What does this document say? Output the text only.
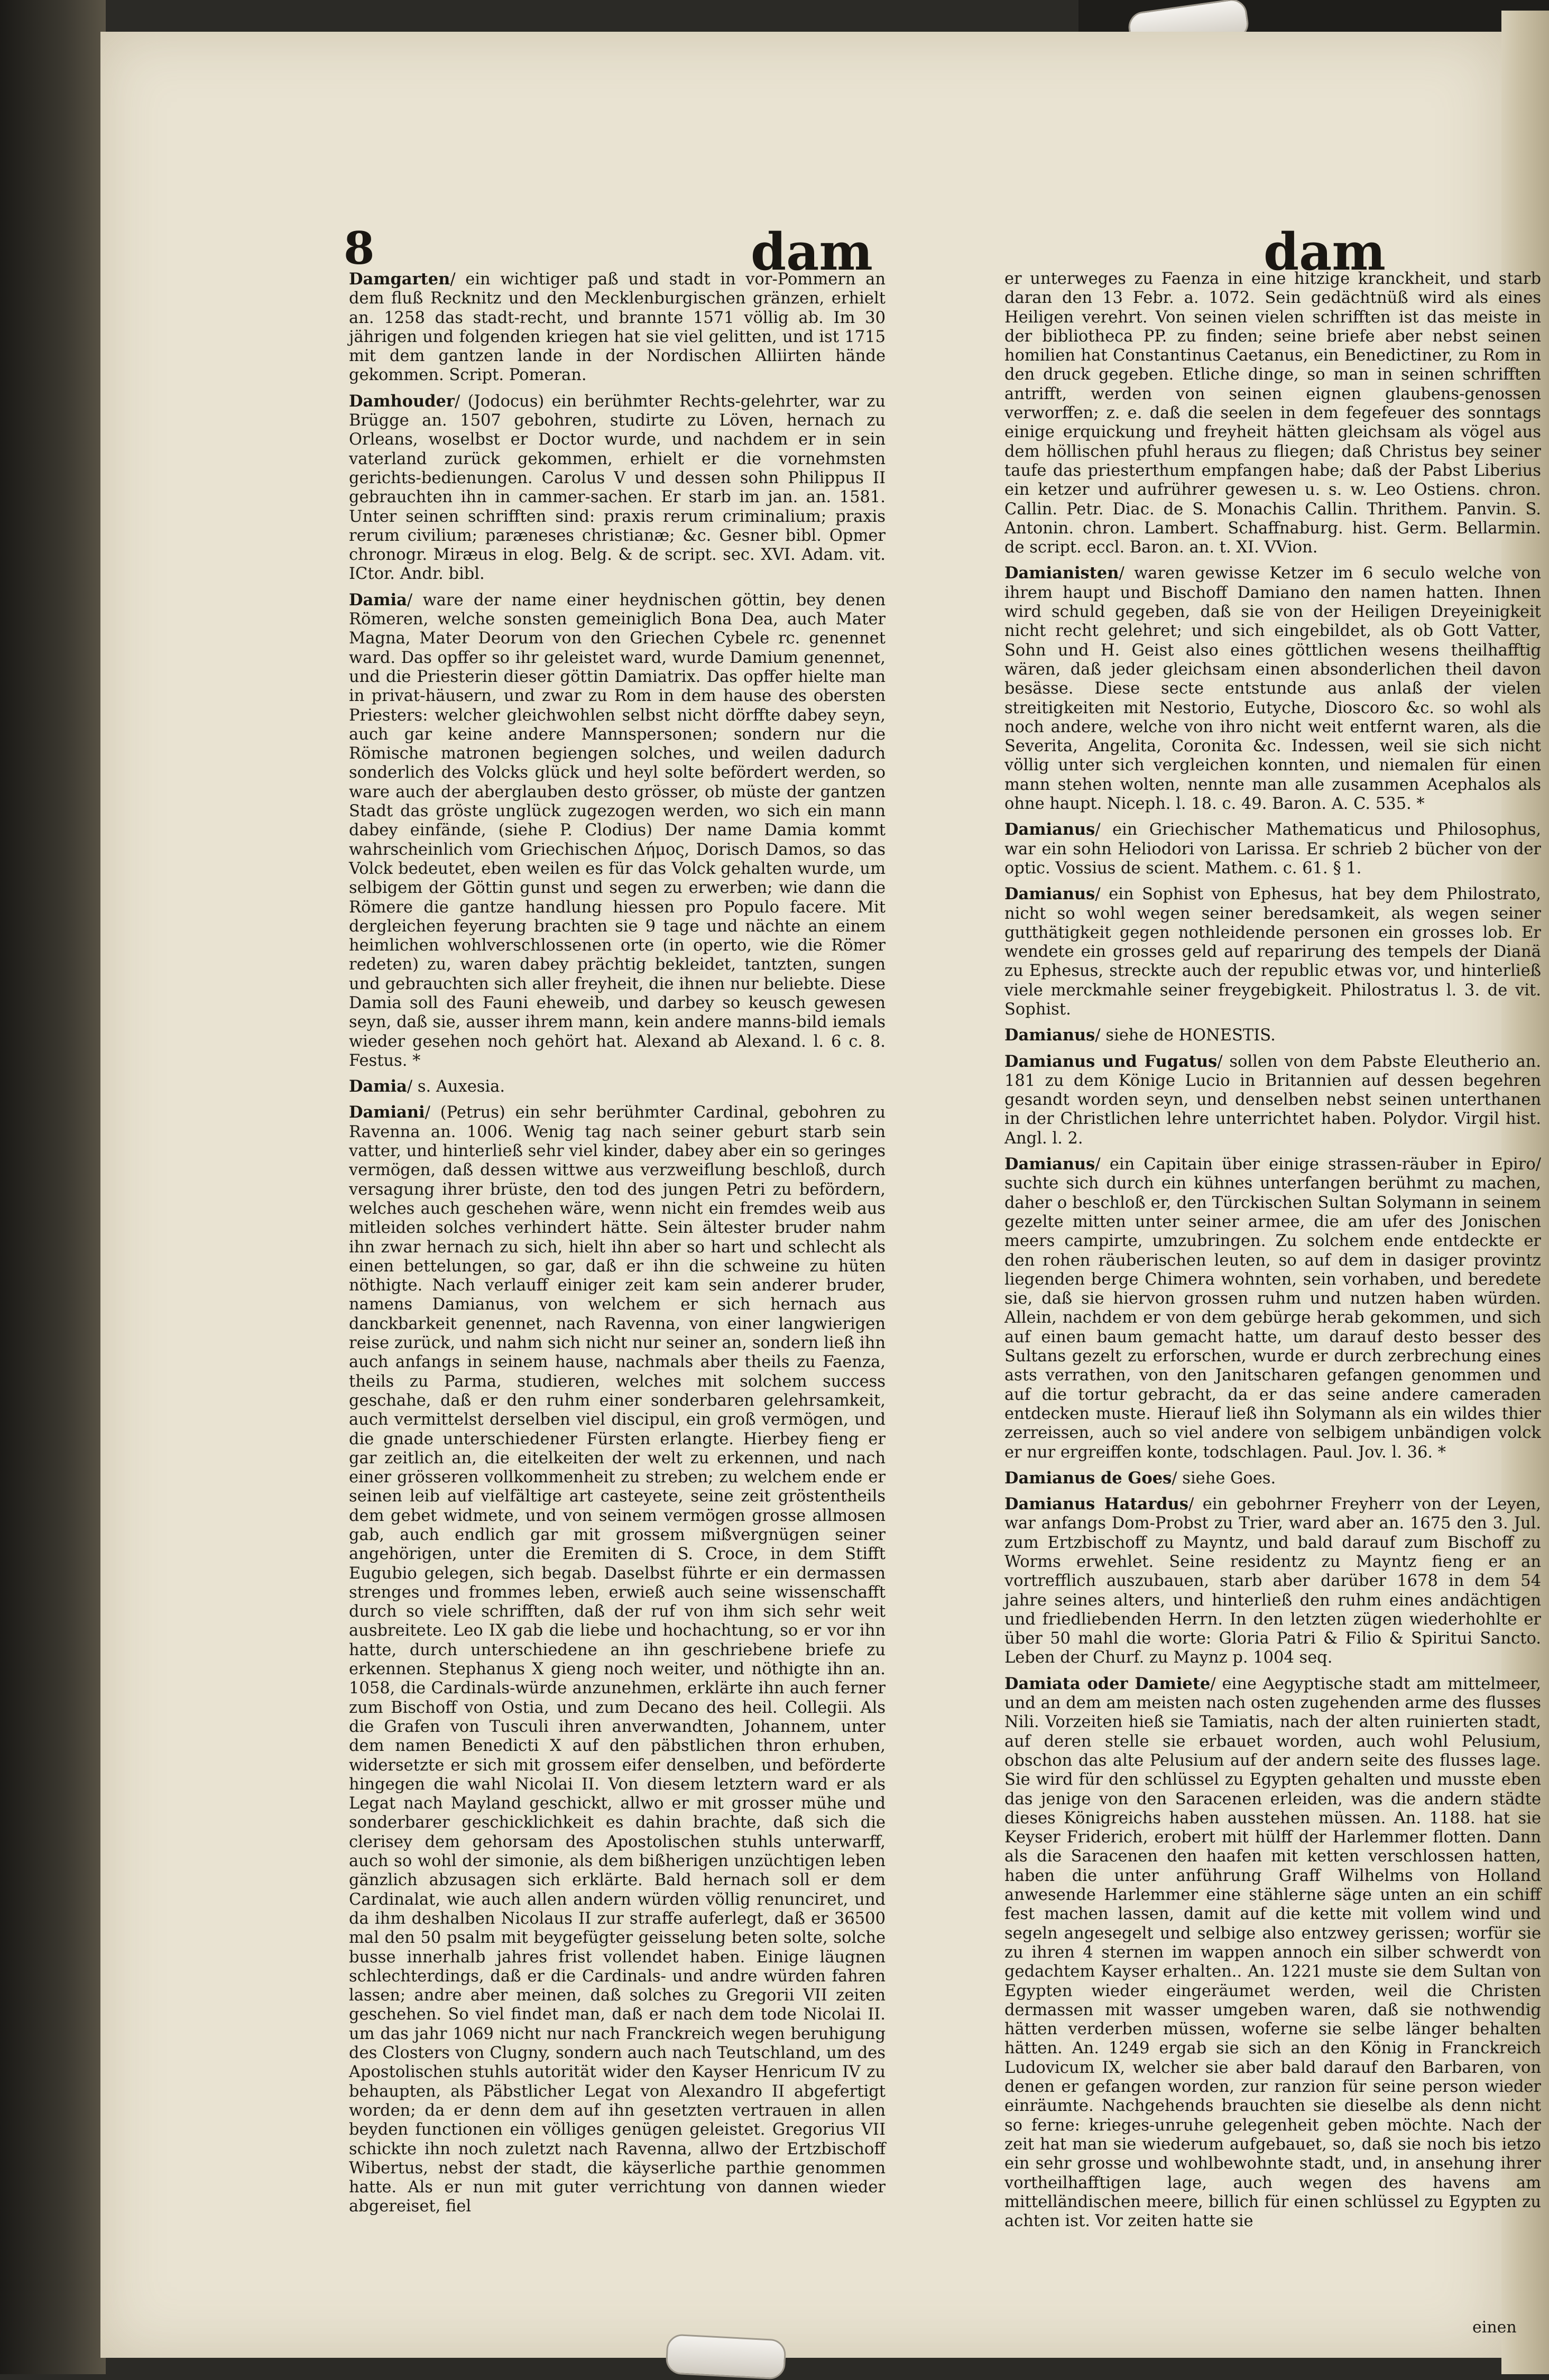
8	dam	dam

Damgarten/ ein wichtiger paß und stadt in vor-Pommern an dem fluß Recknitz und den Mecklenburgischen gränzen, erhielt an. 1258 das stadt-recht, und brannte 1571 völlig ab. Im 30 jährigen und folgenden kriegen hat sie viel gelitten, und ist 1715 mit dem gantzen lande in der Nordischen Alliirten hände gekommen. Script. Pomeran.

Damhouder/ (Jodocus) ein berühmter Rechts-gelehrter, war zu Brügge an. 1507 gebohren, studirte zu Löven, hernach zu Orleans, woselbst er Doctor wurde, und nachdem er in sein vaterland zurück gekommen, erhielt er die vornehmsten gerichts-bedienungen. Carolus V und dessen sohn Philippus II gebrauchten ihn in cammer-sachen. Er starb im jan. an. 1581. Unter seinen schrifften sind: praxis rerum criminalium; praxis rerum civilium; paræneses christianæ; &c. Gesner bibl. Opmer chronogr. Miræus in elog. Belg. & de script. sec. XVI. Adam. vit. ICtor. Andr. bibl.

Damia/ ware der name einer heydnischen göttin, bey denen Römeren, welche sonsten gemeiniglich Bona Dea, auch Mater Magna, Mater Deorum von den Griechen Cybele rc. genennet ward. Das opffer so ihr geleistet ward, wurde Damium genennet, und die Priesterin dieser göttin Damiatrix. Das opffer hielte man in privat-häusern, und zwar zu Rom in dem hause des obersten Priesters: welcher gleichwohlen selbst nicht dörffte dabey seyn, auch gar keine andere Mannspersonen; sondern nur die Römische matronen begiengen solches, und weilen dadurch sonderlich des Volcks glück und heyl solte befördert werden, so ware auch der aberglauben desto grösser, ob müste der gantzen Stadt das gröste unglück zugezogen werden, wo sich ein mann dabey einfände, (siehe P. Clodius) Der name Damia kommt wahrscheinlich vom Griechischen Δήμος, Dorisch Damos, so das Volck bedeutet, eben weilen es für das Volck gehalten wurde, um selbigem der Göttin gunst und segen zu erwerben; wie dann die Römere die gantze handlung hiessen pro Populo facere. Mit dergleichen feyerung brachten sie 9 tage und nächte an einem heimlichen wohlverschlossenen orte (in operto, wie die Römer redeten) zu, waren dabey prächtig bekleidet, tantzten, sungen und gebrauchten sich aller freyheit, die ihnen nur beliebte. Diese Damia soll des Fauni eheweib, und darbey so keusch gewesen seyn, daß sie, ausser ihrem mann, kein andere manns-bild iemals wieder gesehen noch gehört hat. Alexand ab Alexand. l. 6 c. 8. Festus. *

Damia/ s. Auxesia.

Damiani/ (Petrus) ein sehr berühmter Cardinal, gebohren zu Ravenna an. 1006. Wenig tag nach seiner geburt starb sein vatter, und hinterließ sehr viel kinder, dabey aber ein so geringes vermögen, daß dessen wittwe aus verzweiflung beschloß, durch versagung ihrer brüste, den tod des jungen Petri zu befördern, welches auch geschehen wäre, wenn nicht ein fremdes weib aus mitleiden solches verhindert hätte. Sein ältester bruder nahm ihn zwar hernach zu sich, hielt ihn aber so hart und schlecht als einen bettelungen, so gar, daß er ihn die schweine zu hüten nöthigte. Nach verlauff einiger zeit kam sein anderer bruder, namens Damianus, von welchem er sich hernach aus danckbarkeit genennet, nach Ravenna, von einer langwierigen reise zurück, und nahm sich nicht nur seiner an, sondern ließ ihn auch anfangs in seinem hause, nachmals aber theils zu Faenza, theils zu Parma, studieren, welches mit solchem success geschahe, daß er den ruhm einer sonderbaren gelehrsamkeit, auch vermittelst derselben viel discipul, ein groß vermögen, und die gnade unterschiedener Fürsten erlangte. Hierbey fieng er gar zeitlich an, die eitelkeiten der welt zu erkennen, und nach einer grösseren vollkommenheit zu streben; zu welchem ende er seinen leib auf vielfältige art casteyete, seine zeit gröstentheils dem gebet widmete, und von seinem vermögen grosse allmosen gab, auch endlich gar mit grossem mißvergnügen seiner angehörigen, unter die Eremiten di S. Croce, in dem Stifft Eugubio gelegen, sich begab. Daselbst führte er ein dermassen strenges und frommes leben, erwieß auch seine wissenschafft durch so viele schrifften, daß der ruf von ihm sich sehr weit ausbreitete. Leo IX gab die liebe und hochachtung, so er vor ihn hatte, durch unterschiedene an ihn geschriebene briefe zu erkennen. Stephanus X gieng noch weiter, und nöthigte ihn an. 1058, die Cardinals-würde anzunehmen, erklärte ihn auch ferner zum Bischoff von Ostia, und zum Decano des heil. Collegii. Als die Grafen von Tusculi ihren anverwandten, Johannem, unter dem namen Benedicti X auf den päbstlichen thron erhuben, widersetzte er sich mit grossem eifer denselben, und beförderte hingegen die wahl Nicolai II. Von diesem letztern ward er als Legat nach Mayland geschickt, allwo er mit grosser mühe und sonderbarer geschicklichkeit es dahin brachte, daß sich die clerisey dem gehorsam des Apostolischen stuhls unterwarff, auch so wohl der simonie, als dem bißherigen unzüchtigen leben gänzlich abzusagen sich erklärte. Bald hernach soll er dem Cardinalat, wie auch allen andern würden völlig renunciret, und da ihm deshalben Nicolaus II zur straffe auferlegt, daß er 36500 mal den 50 psalm mit beygefügter geisselung beten solte, solche busse innerhalb jahres frist vollendet haben. Einige läugnen schlechterdings, daß er die Cardinals- und andre würden fahren lassen; andre aber meinen, daß solches zu Gregorii VII zeiten geschehen. So viel findet man, daß er nach dem tode Nicolai II. um das jahr 1069 nicht nur nach Franckreich wegen beruhigung des Closters von Clugny, sondern auch nach Teutschland, um des Apostolischen stuhls autorität wider den Kayser Henricum IV zu behaupten, als Päbstlicher Legat von Alexandro II abgefertigt worden; da er denn dem auf ihn gesetzten vertrauen in allen beyden functionen ein völliges genügen geleistet. Gregorius VII schickte ihn noch zuletzt nach Ravenna, allwo der Ertzbischoff Wibertus, nebst der stadt, die käyserliche parthie genommen hatte. Als er nun mit guter verrichtung von dannen wieder abgereiset, fiel

er unterweges zu Faenza in eine hitzige kranckheit, und starb daran den 13 Febr. a. 1072. Sein gedächtnüß wird als eines Heiligen verehrt. Von seinen vielen schrifften ist das meiste in der bibliotheca PP. zu finden; seine briefe aber nebst seinen homilien hat Constantinus Caetanus, ein Benedictiner, zu Rom in den druck gegeben. Etliche dinge, so man in seinen schrifften antrifft, werden von seinen eignen glaubens-genossen verworffen; z. e. daß die seelen in dem fegefeuer des sonntags einige erquickung und freyheit hätten gleichsam als vögel aus dem höllischen pfuhl heraus zu fliegen; daß Christus bey seiner taufe das priesterthum empfangen habe; daß der Pabst Liberius ein ketzer und aufrührer gewesen u. s. w. Leo Ostiens. chron. Callin. Petr. Diac. de S. Monachis Callin. Thrithem. Panvin. S. Antonin. chron. Lambert. Schaffnaburg. hist. Germ. Bellarmin. de script. eccl. Baron. an. t. XI. VVion.

Damianisten/ waren gewisse Ketzer im 6 seculo welche von ihrem haupt und Bischoff Damiano den namen hatten. Ihnen wird schuld gegeben, daß sie von der Heiligen Dreyeinigkeit nicht recht gelehret; und sich eingebildet, als ob Gott Vatter, Sohn und H. Geist also eines göttlichen wesens theilhafftig wären, daß jeder gleichsam einen absonderlichen theil davon besässe. Diese secte entstunde aus anlaß der vielen streitigkeiten mit Nestorio, Eutyche, Dioscoro &c. so wohl als noch andere, welche von ihro nicht weit entfernt waren, als die Severita, Angelita, Coronita &c. Indessen, weil sie sich nicht völlig unter sich vergleichen konnten, und niemalen für einen mann stehen wolten, nennte man alle zusammen Acephalos als ohne haupt. Niceph. l. 18. c. 49. Baron. A. C. 535. *

Damianus/ ein Griechischer Mathematicus und Philosophus, war ein sohn Heliodori von Larissa. Er schrieb 2 bücher von der optic. Vossius de scient. Mathem. c. 61. § 1.

Damianus/ ein Sophist von Ephesus, hat bey dem Philostrato, nicht so wohl wegen seiner beredsamkeit, als wegen seiner gutthätigkeit gegen nothleidende personen ein grosses lob. Er wendete ein grosses geld auf reparirung des tempels der Dianä zu Ephesus, streckte auch der republic etwas vor, und hinterließ viele merckmahle seiner freygebigkeit. Philostratus l. 3. de vit. Sophist.

Damianus/ siehe de HONESTIS.

Damianus und Fugatus/ sollen von dem Pabste Eleutherio an. 181 zu dem Könige Lucio in Britannien auf dessen begehren gesandt worden seyn, und denselben nebst seinen unterthanen in der Christlichen lehre unterrichtet haben. Polydor. Virgil hist. Angl. l. 2.

Damianus/ ein Capitain über einige strassen-räuber in Epiro/ suchte sich durch ein kühnes unterfangen berühmt zu machen, daher o beschloß er, den Türckischen Sultan Solymann in seinem gezelte mitten unter seiner armee, die am ufer des Jonischen meers campirte, umzubringen. Zu solchem ende entdeckte er den rohen räuberischen leuten, so auf dem in dasiger provintz liegenden berge Chimera wohnten, sein vorhaben, und beredete sie, daß sie hiervon grossen ruhm und nutzen haben würden. Allein, nachdem er von dem gebürge herab gekommen, und sich auf einen baum gemacht hatte, um darauf desto besser des Sultans gezelt zu erforschen, wurde er durch zerbrechung eines asts verrathen, von den Janitscharen gefangen genommen und auf die tortur gebracht, da er das seine andere cameraden entdecken muste. Hierauf ließ ihn Solymann als ein wildes thier zerreissen, auch so viel andere von selbigem unbändigen volck er nur ergreiffen konte, todschlagen. Paul. Jov. l. 36. *

Damianus de Goes/ siehe Goes.

Damianus Hatardus/ ein gebohrner Freyherr von der Leyen, war anfangs Dom-Probst zu Trier, ward aber an. 1675 den 3. Jul. zum Ertzbischoff zu Mayntz, und bald darauf zum Bischoff zu Worms erwehlet. Seine residentz zu Mayntz fieng er an vortrefflich auszubauen, starb aber darüber 1678 in dem 54 jahre seines alters, und hinterließ den ruhm eines andächtigen und friedliebenden Herrn. In den letzten zügen wiederhohlte er über 50 mahl die worte: Gloria Patri & Filio & Spiritui Sancto. Leben der Churf. zu Maynz p. 1004 seq.

Damiata oder Damiete/ eine Aegyptische stadt am mittelmeer, und an dem am meisten nach osten zugehenden arme des flusses Nili. Vorzeiten hieß sie Tamiatis, nach der alten ruinierten stadt, auf deren stelle sie erbauet worden, auch wohl Pelusium, obschon das alte Pelusium auf der andern seite des flusses lage. Sie wird für den schlüssel zu Egypten gehalten und musste eben das jenige von den Saracenen erleiden, was die andern städte dieses Königreichs haben ausstehen müssen. An. 1188. hat sie Keyser Friderich, erobert mit hülff der Harlemmer flotten. Dann als die Saracenen den haafen mit ketten verschlossen hatten, haben die unter anführung Graff Wilhelms von Holland anwesende Harlemmer eine stählerne säge unten an ein schiff fest machen lassen, damit auf die kette mit vollem wind und segeln angesegelt und selbige also entzwey gerissen; worfür sie zu ihren 4 sternen im wappen annoch ein silber schwerdt von gedachtem Kayser erhalten.. An. 1221 muste sie dem Sultan von Egypten wieder eingeräumet werden, weil die Christen dermassen mit wasser umgeben waren, daß sie nothwendig hätten verderben müssen, woferne sie selbe länger behalten hätten. An. 1249 ergab sie sich an den König in Franckreich Ludovicum IX, welcher sie aber bald darauf den Barbaren, von denen er gefangen worden, zur ranzion für seine person wieder einräumte. Nachgehends brauchten sie dieselbe als denn nicht so ferne: krieges-unruhe gelegenheit geben möchte. Nach der zeit hat man sie wiederum aufgebauet, so, daß sie noch bis ietzo ein sehr grosse und wohlbewohnte stadt, und, in ansehung ihrer vortheilhafftigen lage, auch wegen des havens am mittelländischen meere, billich für einen schlüssel zu Egypten zu achten ist. Vor zeiten hatte sie

einen
